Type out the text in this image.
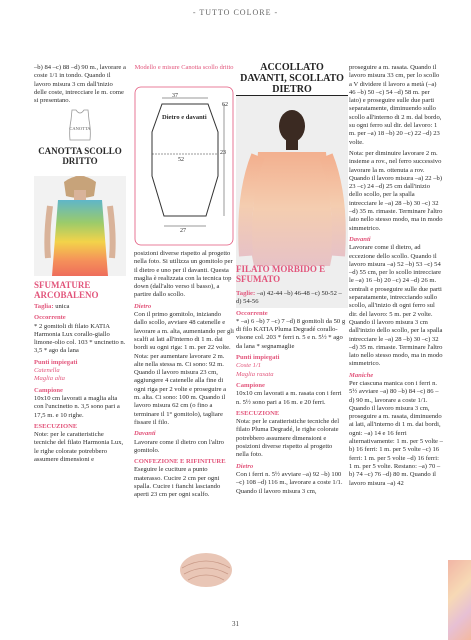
- TUTTO COLORE -

–b) 84 –c) 88 –d) 90 m., lavorare a coste 1/1 in tondo. Quando il lavoro misura 3 cm dall'inizio delle coste, intrecciare le m. come si presentano.

CANOTTA
CANOTTA SCOLLO DRITTO

SFUMATURE ARCOBALENO

Taglia: unica

Occorrente

* 2 gomitoli di filato KATIA Harmonia Lux corallo-giallo limone-olio col. 103 * uncinetto n. 3,5 * ago da lana

Punti impiegati

Catenella

Maglia alta

Campione

10x10 cm lavorati a maglia alta con l'uncinetto n. 3,5 sono pari a 17,5 m. e 10 righe.

ESECUZIONE

Note: per le caratteristiche tecniche del filato Harmonia Lux, le righe colorate potrebbero assumere dimensioni e

Modello e misure Canotta scollo dritto
37
62
Dietro e davanti
23
52
27

posizioni diverse rispetto al progetto nella foto. Si utilizza un gomitolo per il dietro e uno per il davanti. Questa maglia è realizzata con la tecnica top down (dall'alto verso il basso), a partire dallo scollo.

Dietro

Con il primo gomitolo, iniziando dallo scollo, avviare 48 catenelle e lavorare a m. alta, aumentando per gli scalfi ai lati all'interno di 1 m. dai bordi su ogni riga: 1 m. per 22 volte. Nota: per aumentare lavorare 2 m. alte nella stessa m. Ci sono: 92 m. Quando il lavoro misura 23 cm, aggiungere 4 catenelle alla fine di ogni riga per 2 volte e proseguire a m. alta. Ci sono: 100 m. Quando il lavoro misura 62 cm (o fino a terminare il 1° gomitolo), tagliare fissare il filo.

Davanti

Lavorare come il dietro con l'altro gomitolo.

CONFEZIONE E RIFINITURE

Eseguire le cuciture a punto materasso. Cucire 2 cm per ogni spalla. Cucire i fianchi lasciando aperti 23 cm per ogni scalfo.

ACCOLLATO DAVANTI, SCOLLATO DIETRO
FILATO MORBIDO E SFUMATO

Taglie: –a) 42-44 –b) 46-48 –c) 50-52 –d) 54-56

Occorrente

* –a) 6 –b) 7 –c) 7 –d) 8 gomitoli da 50 g di filo KATIA Pluma Degradé corallo-visone col. 203 * ferri n. 5 e n. 5½ * ago da lana * segnamaglie

Punti impiegati

Coste 1/1

Maglia rasata

Campione

10x10 cm lavorati a m. rasata con i ferri n. 5½ sono pari a 16 m. e 20 ferri.

ESECUZIONE

Nota: per le caratteristiche tecniche del filato Pluma Degradé, le righe colorate potrebbero assumere dimensioni e posizioni diverse rispetto al progetto nella foto.

Dietro

Con i ferri n. 5½ avviare –a) 92 –b) 100 –c) 108 –d) 116 m., lavorare a coste 1/1. Quando il lavoro misura 3 cm,

proseguire a m. rasata. Quando il lavoro misura 33 cm, per lo scollo a V dividere il lavoro a metà (–a) 46 –b) 50 –c) 54 –d) 58 m. per lato) e proseguire sulle due parti separatamente, diminuendo sullo scollo all'interno di 2 m. dal bordo, su ogni ferro sul dir. del lavoro: 1 m. per –a) 18 –b) 20 –c) 22 –d) 23 volte.

Nota: per diminuire lavorare 2 m. insieme a rov., nel ferro successivo lavorare la m. ottenuta a rov. Quando il lavoro misura –a) 22 –b) 23 –c) 24 –d) 25 cm dall'inizio dello scollo, per la spalla intrecciare le –a) 28 –b) 30 –c) 32 –d) 35 m. rimaste. Terminare l'altro lato nello stesso modo, ma in modo simmetrico.

Davanti

Lavorare come il dietro, ad eccezione dello scollo. Quando il lavoro misura –a) 52 –b) 53 –c) 54 –d) 55 cm, per lo scollo intrecciare le –a) 16 –b) 20 –c) 24 –d) 26 m. centrali e proseguire sulle due parti separatamente, intrecciando sullo scollo, all'inizio di ogni ferro sul dir. del lavoro: 5 m. per 2 volte. Quando il lavoro misura 3 cm dall'inizio dello scollo, per la spalla intrecciare le –a) 28 –b) 30 –c) 32 –d) 35 m. rimaste. Terminare l'altro lato nello stesso modo, ma in modo simmetrico.

Maniche

Per ciascuna manica con i ferri n. 5½ avviare –a) 80 –b) 84 –c) 86 –d) 90 m., lavorare a coste 1/1. Quando il lavoro misura 3 cm, proseguire a m. rasata, diminuendo ai lati, all'interno di 1 m. dai bordi, ogni: –a) 14 e 16 ferri alternativamente: 1 m. per 5 volte –b) 16 ferri: 1 m. per 5 volte –c) 16 ferri: 1 m. per 5 volte –d) 16 ferri: 1 m. per 5 volte. Restano: –a) 70 –b) 74 –c) 76 –d) 80 m. Quando il lavoro misura –a) 42

31
